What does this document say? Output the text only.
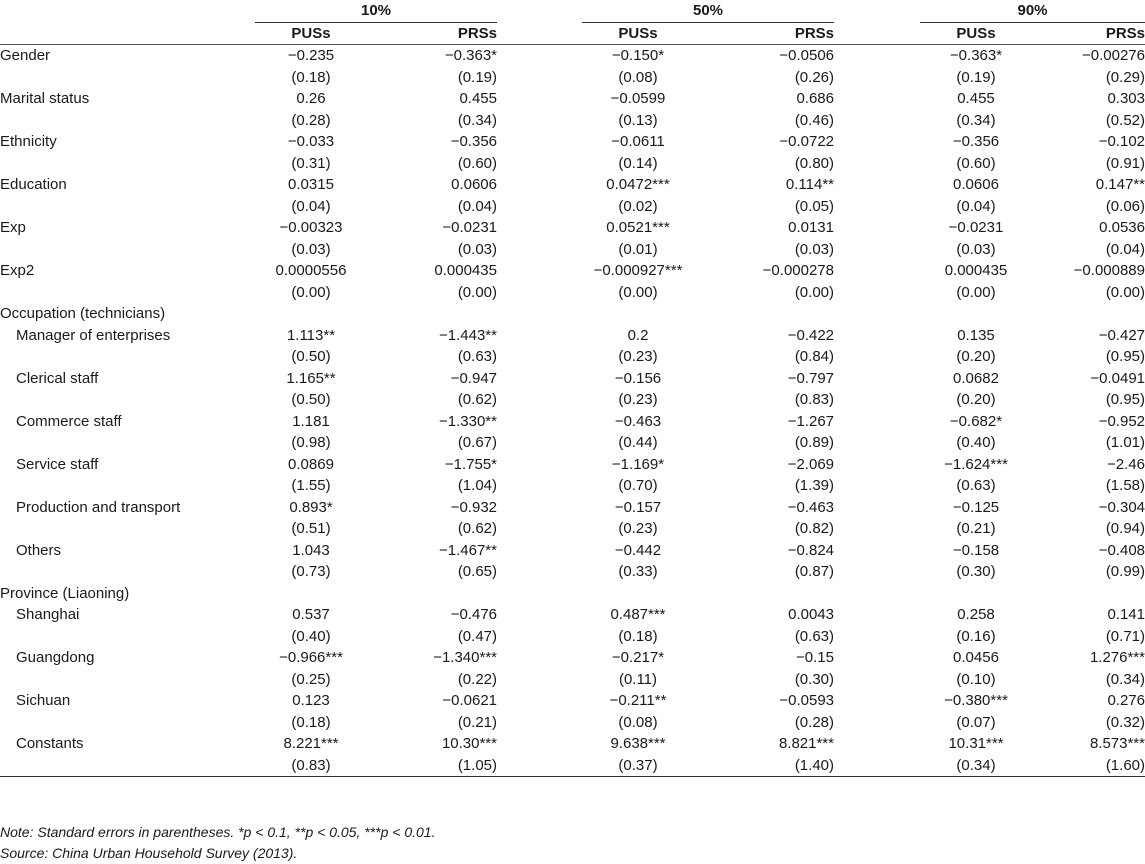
	10%			50%			90%	
	PUSs	PRSs		PUSs	PRSs		PUSs	PRSs
Gender	−0.235	−0.363*		−0.150*	−0.0506		−0.363*	−0.00276
	(0.18)	(0.19)		(0.08)	(0.26)		(0.19)	(0.29)
Marital status	0.26	0.455		−0.0599	0.686		0.455	0.303
	(0.28)	(0.34)		(0.13)	(0.46)		(0.34)	(0.52)
Ethnicity	−0.033	−0.356		−0.0611	−0.0722		−0.356	−0.102
	(0.31)	(0.60)		(0.14)	(0.80)		(0.60)	(0.91)
Education	0.0315	0.0606		0.0472***	0.114**		0.0606	0.147**
	(0.04)	(0.04)		(0.02)	(0.05)		(0.04)	(0.06)
Exp	−0.00323	−0.0231		0.0521***	0.0131		−0.0231	0.0536
	(0.03)	(0.03)		(0.01)	(0.03)		(0.03)	(0.04)
Exp2	0.0000556	0.000435		−0.000927***	−0.000278		0.000435	−0.000889
	(0.00)	(0.00)		(0.00)	(0.00)		(0.00)	(0.00)
Occupation (technicians)								
Manager of enterprises	1.113**	−1.443**		0.2	−0.422		0.135	−0.427
	(0.50)	(0.63)		(0.23)	(0.84)		(0.20)	(0.95)
Clerical staff	1.165**	−0.947		−0.156	−0.797		0.0682	−0.0491
	(0.50)	(0.62)		(0.23)	(0.83)		(0.20)	(0.95)
Commerce staff	1.181	−1.330**		−0.463	−1.267		−0.682*	−0.952
	(0.98)	(0.67)		(0.44)	(0.89)		(0.40)	(1.01)
Service staff	0.0869	−1.755*		−1.169*	−2.069		−1.624***	−2.46
	(1.55)	(1.04)		(0.70)	(1.39)		(0.63)	(1.58)
Production and transport	0.893*	−0.932		−0.157	−0.463		−0.125	−0.304
	(0.51)	(0.62)		(0.23)	(0.82)		(0.21)	(0.94)
Others	1.043	−1.467**		−0.442	−0.824		−0.158	−0.408
	(0.73)	(0.65)		(0.33)	(0.87)		(0.30)	(0.99)
Province (Liaoning)								
Shanghai	0.537	−0.476		0.487***	0.0043		0.258	0.141
	(0.40)	(0.47)		(0.18)	(0.63)		(0.16)	(0.71)
Guangdong	−0.966***	−1.340***		−0.217*	−0.15		0.0456	1.276***
	(0.25)	(0.22)		(0.11)	(0.30)		(0.10)	(0.34)
Sichuan	0.123	−0.0621		−0.211**	−0.0593		−0.380***	0.276
	(0.18)	(0.21)		(0.08)	(0.28)		(0.07)	(0.32)
Constants	8.221***	10.30***		9.638***	8.821***		10.31***	8.573***
	(0.83)	(1.05)		(0.37)	(1.40)		(0.34)	(1.60)
Note: Standard errors in parentheses. *p < 0.1, **p < 0.05, ***p < 0.01.
Source: China Urban Household Survey (2013).
